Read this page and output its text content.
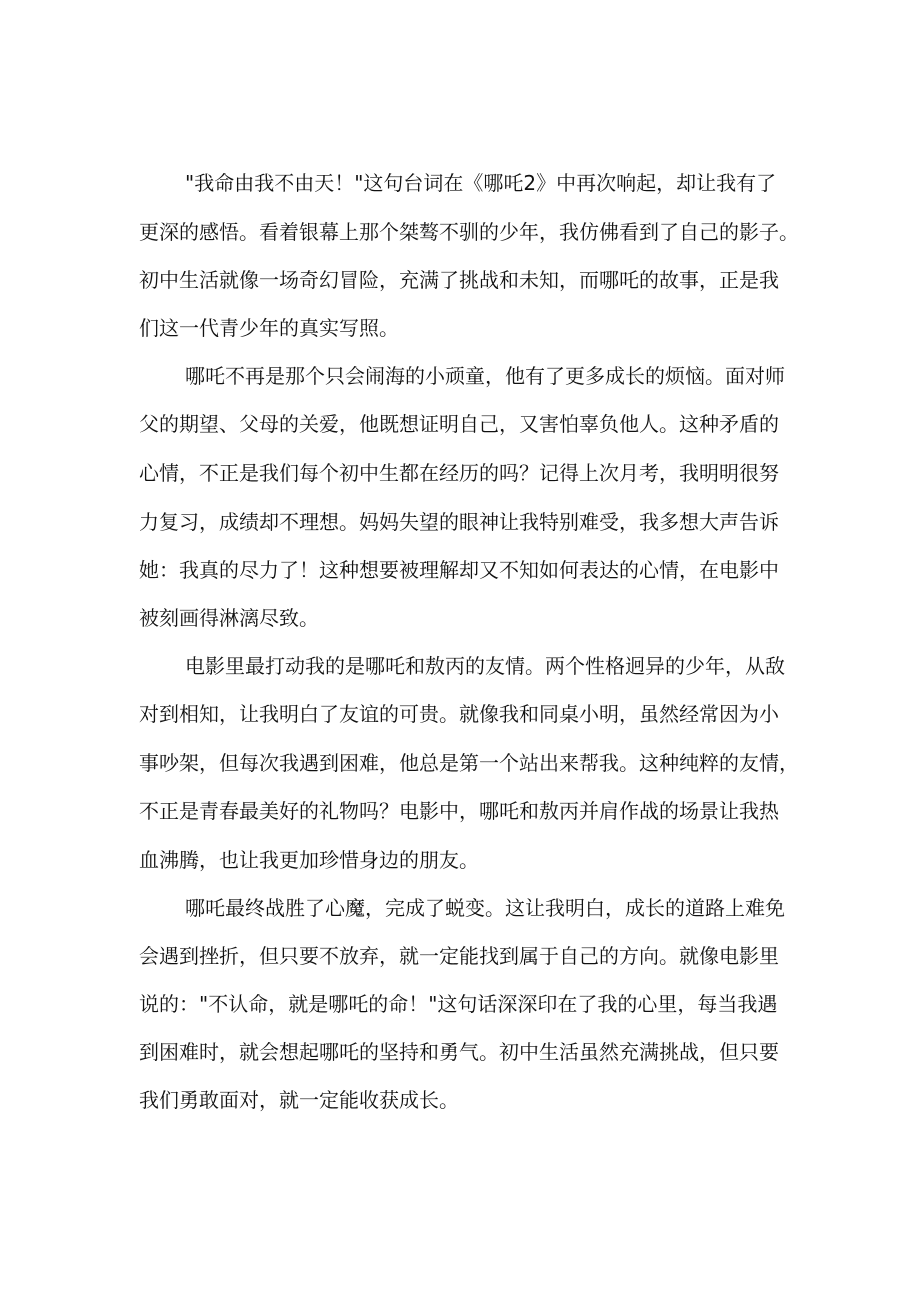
"我命由我不由天！"这句台词在《哪吒2》中再次响起，却让我有了
更深的感悟。看着银幕上那个桀骜不驯的少年，我仿佛看到了自己的影子。
初中生活就像一场奇幻冒险，充满了挑战和未知，而哪吒的故事，正是我
们这一代青少年的真实写照。
哪吒不再是那个只会闹海的小顽童，他有了更多成长的烦恼。面对师
父的期望、父母的关爱，他既想证明自己，又害怕辜负他人。这种矛盾的
心情，不正是我们每个初中生都在经历的吗？记得上次月考，我明明很努
力复习，成绩却不理想。妈妈失望的眼神让我特别难受，我多想大声告诉
她：我真的尽力了！这种想要被理解却又不知如何表达的心情，在电影中
被刻画得淋漓尽致。
电影里最打动我的是哪吒和敖丙的友情。两个性格迥异的少年，从敌
对到相知，让我明白了友谊的可贵。就像我和同桌小明，虽然经常因为小
事吵架，但每次我遇到困难，他总是第一个站出来帮我。这种纯粹的友情，
不正是青春最美好的礼物吗？电影中，哪吒和敖丙并肩作战的场景让我热
血沸腾，也让我更加珍惜身边的朋友。
哪吒最终战胜了心魔，完成了蜕变。这让我明白，成长的道路上难免
会遇到挫折，但只要不放弃，就一定能找到属于自己的方向。就像电影里
说的："不认命，就是哪吒的命！"这句话深深印在了我的心里，每当我遇
到困难时，就会想起哪吒的坚持和勇气。初中生活虽然充满挑战，但只要
我们勇敢面对，就一定能收获成长。
